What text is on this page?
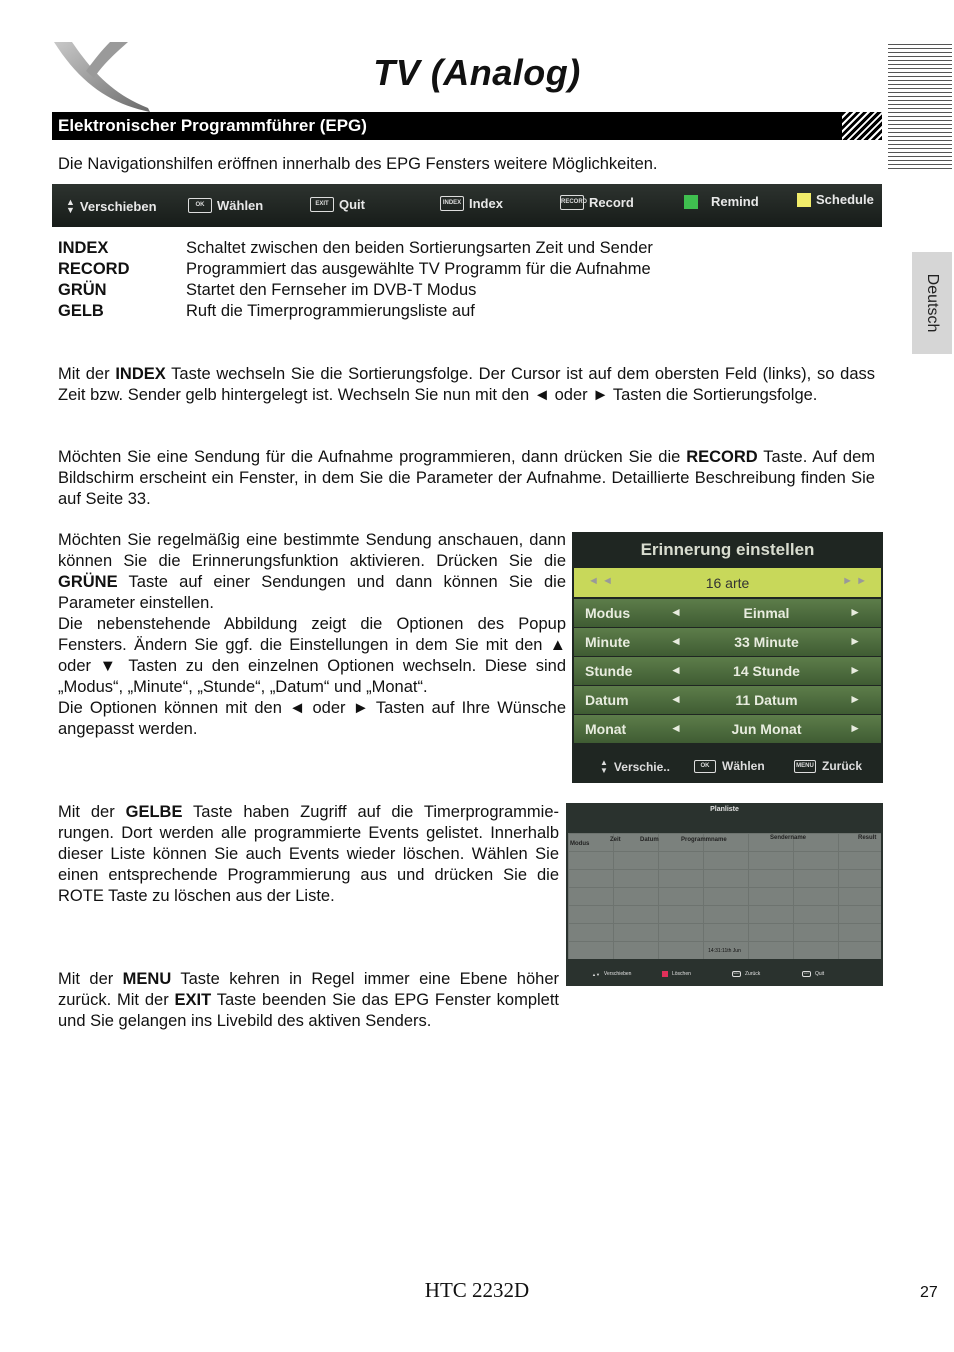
TV (Analog)
Elektronischer Programmführer (EPG)
Deutsch
Die Navigationshilfen eröffnen innerhalb des EPG Fensters weitere Möglichkeiten.
▲
▼ Verschieben	OK Wählen	EXIT Quit	INDEX Index	RECORD Record	Remind	Schedule
INDEX	Schaltet zwischen den beiden Sortierungsarten Zeit und Sender
RECORD	Programmiert das ausgewählte TV Programm für die Aufnahme
GRÜN	Startet den Fernseher im DVB-T Modus
GELB	Ruft die Timerprogrammierungsliste auf
Mit der INDEX Taste wechseln Sie die Sortierungsfolge. Der Cursor ist auf dem obersten Feld (links), so dass Zeit bzw. Sender gelb hintergelegt ist. Wechseln Sie nun mit den ◄ oder ► Tasten die Sortierungsfolge.
Möchten Sie eine Sendung für die Aufnahme programmieren, dann drücken Sie die RECORD Taste. Auf dem Bildschirm erscheint ein Fenster, in dem Sie die Parameter der Aufnahme. Detaillierte Beschreibung finden Sie auf Seite 33.
Möchten Sie regelmäßig eine bestimmte Sendung anschauen, dann können Sie die Erinnerungsfunktion aktivieren. Drücken Sie die GRÜNE Taste auf einer Sendungen und dann können Sie die Parameter einstellen.
Die nebenstehende Abbildung zeigt die Optionen des Popup Fensters. Ändern Sie ggf. die Einstellungen in dem Sie mit den ▲ oder ▼ Tasten zu den einzelnen Optionen wechseln. Diese sind „Modus“, „Minute“, „Stunde“, „Datum“ und „Monat“.
Die Optionen können mit den ◄ oder ► Tasten auf Ihre Wünsche angepasst werden.
Erinnerung einstellen
◄ ◄	16 arte	► ►
Modus	◄	Einmal	►
Minute	◄	33 Minute	►
Stunde	◄	14 Stunde	►
Datum	◄	11 Datum	►
Monat	◄	Jun Monat	►
▲
▼ Verschie..	OK	Wählen	MENU Zurück
Mit der GELBE Taste haben Zugriff auf die Timerprogrammierungen. Dort werden alle programmierte Events gelistet. Innerhalb dieser Liste können Sie auch Events wieder löschen. Wählen Sie einen entsprechende Programmierung aus und drücken Sie die ROTE Taste zu löschen aus der Liste.
Planliste
Modus
Zeit	Datum	Programmname	Sendername	Result
14:31:11th Jun
▲▼ Verschieben	Löschen	MENU	Zurück	EXIT	Quit
Mit der MENU Taste kehren in Regel immer eine Ebene höher zurück. Mit der EXIT Taste beenden Sie das EPG Fenster komplett und Sie gelangen ins Livebild des aktiven Senders.
HTC 2232D	27
